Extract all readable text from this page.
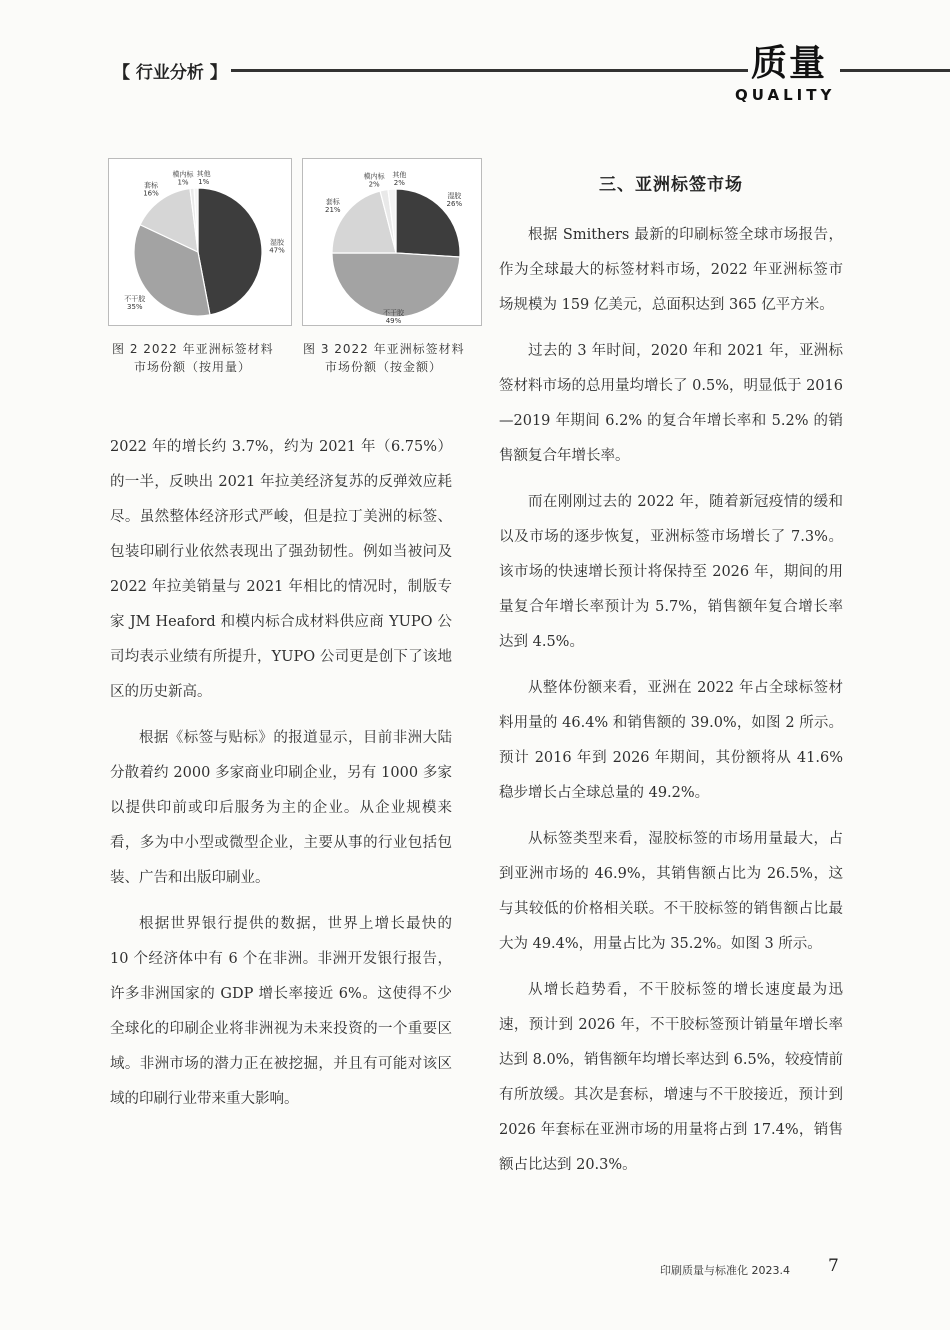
【 行业分析 】	质量
QUALITY
湿胶 47%
不干胶 35%
套标 16%
模内标 1%
其他 1%
湿胶 26%
不干胶 49%
套标 21%
模内标 2%
其他 2%
图 2 2022 年亚洲标签材料
市场份额（按用量）
图 3 2022 年亚洲标签材料
市场份额（按金额）

2022 年的增长约 3.7%，约为 2021 年（6.75%）的一半，反映出 2021 年拉美经济复苏的反弹效应耗尽。虽然整体经济形式严峻，但是拉丁美洲的标签、包装印刷行业依然表现出了强劲韧性。例如当被问及 2022 年拉美销量与 2021 年相比的情况时，制版专家 JM Heaford 和模内标合成材料供应商 YUPO 公司均表示业绩有所提升，YUPO 公司更是创下了该地区的历史新高。

根据《标签与贴标》的报道显示，目前非洲大陆分散着约 2000 多家商业印刷企业，另有 1000 多家以提供印前或印后服务为主的企业。从企业规模来看，多为中小型或微型企业，主要从事的行业包括包装、广告和出版印刷业。

根据世界银行提供的数据，世界上增长最快的 10 个经济体中有 6 个在非洲。非洲开发银行报告，许多非洲国家的 GDP 增长率接近 6%。这使得不少全球化的印刷企业将非洲视为未来投资的一个重要区域。非洲市场的潜力正在被挖掘，并且有可能对该区域的印刷行业带来重大影响。

三、亚洲标签市场

根据 Smithers 最新的印刷标签全球市场报告，作为全球最大的标签材料市场，2022 年亚洲标签市场规模为 159 亿美元，总面积达到 365 亿平方米。

过去的 3 年时间，2020 年和 2021 年，亚洲标签材料市场的总用量均增长了 0.5%，明显低于 2016—2019 年期间 6.2% 的复合年增长率和 5.2% 的销售额复合年增长率。

而在刚刚过去的 2022 年，随着新冠疫情的缓和以及市场的逐步恢复，亚洲标签市场增长了 7.3%。该市场的快速增长预计将保持至 2026 年，期间的用量复合年增长率预计为 5.7%，销售额年复合增长率达到 4.5%。

从整体份额来看，亚洲在 2022 年占全球标签材料用量的 46.4% 和销售额的 39.0%，如图 2 所示。预计 2016 年到 2026 年期间，其份额将从 41.6% 稳步增长占全球总量的 49.2%。

从标签类型来看，湿胶标签的市场用量最大，占到亚洲市场的 46.9%，其销售额占比为 26.5%，这与其较低的价格相关联。不干胶标签的销售额占比最大为 49.4%，用量占比为 35.2%。如图 3 所示。

从增长趋势看，不干胶标签的增长速度最为迅速，预计到 2026 年，不干胶标签预计销量年增长率达到 8.0%，销售额年均增长率达到 6.5%，较疫情前有所放缓。其次是套标，增速与不干胶接近，预计到 2026 年套标在亚洲市场的用量将占到 17.4%，销售额占比达到 20.3%。

印刷质量与标准化 2023.4 7
